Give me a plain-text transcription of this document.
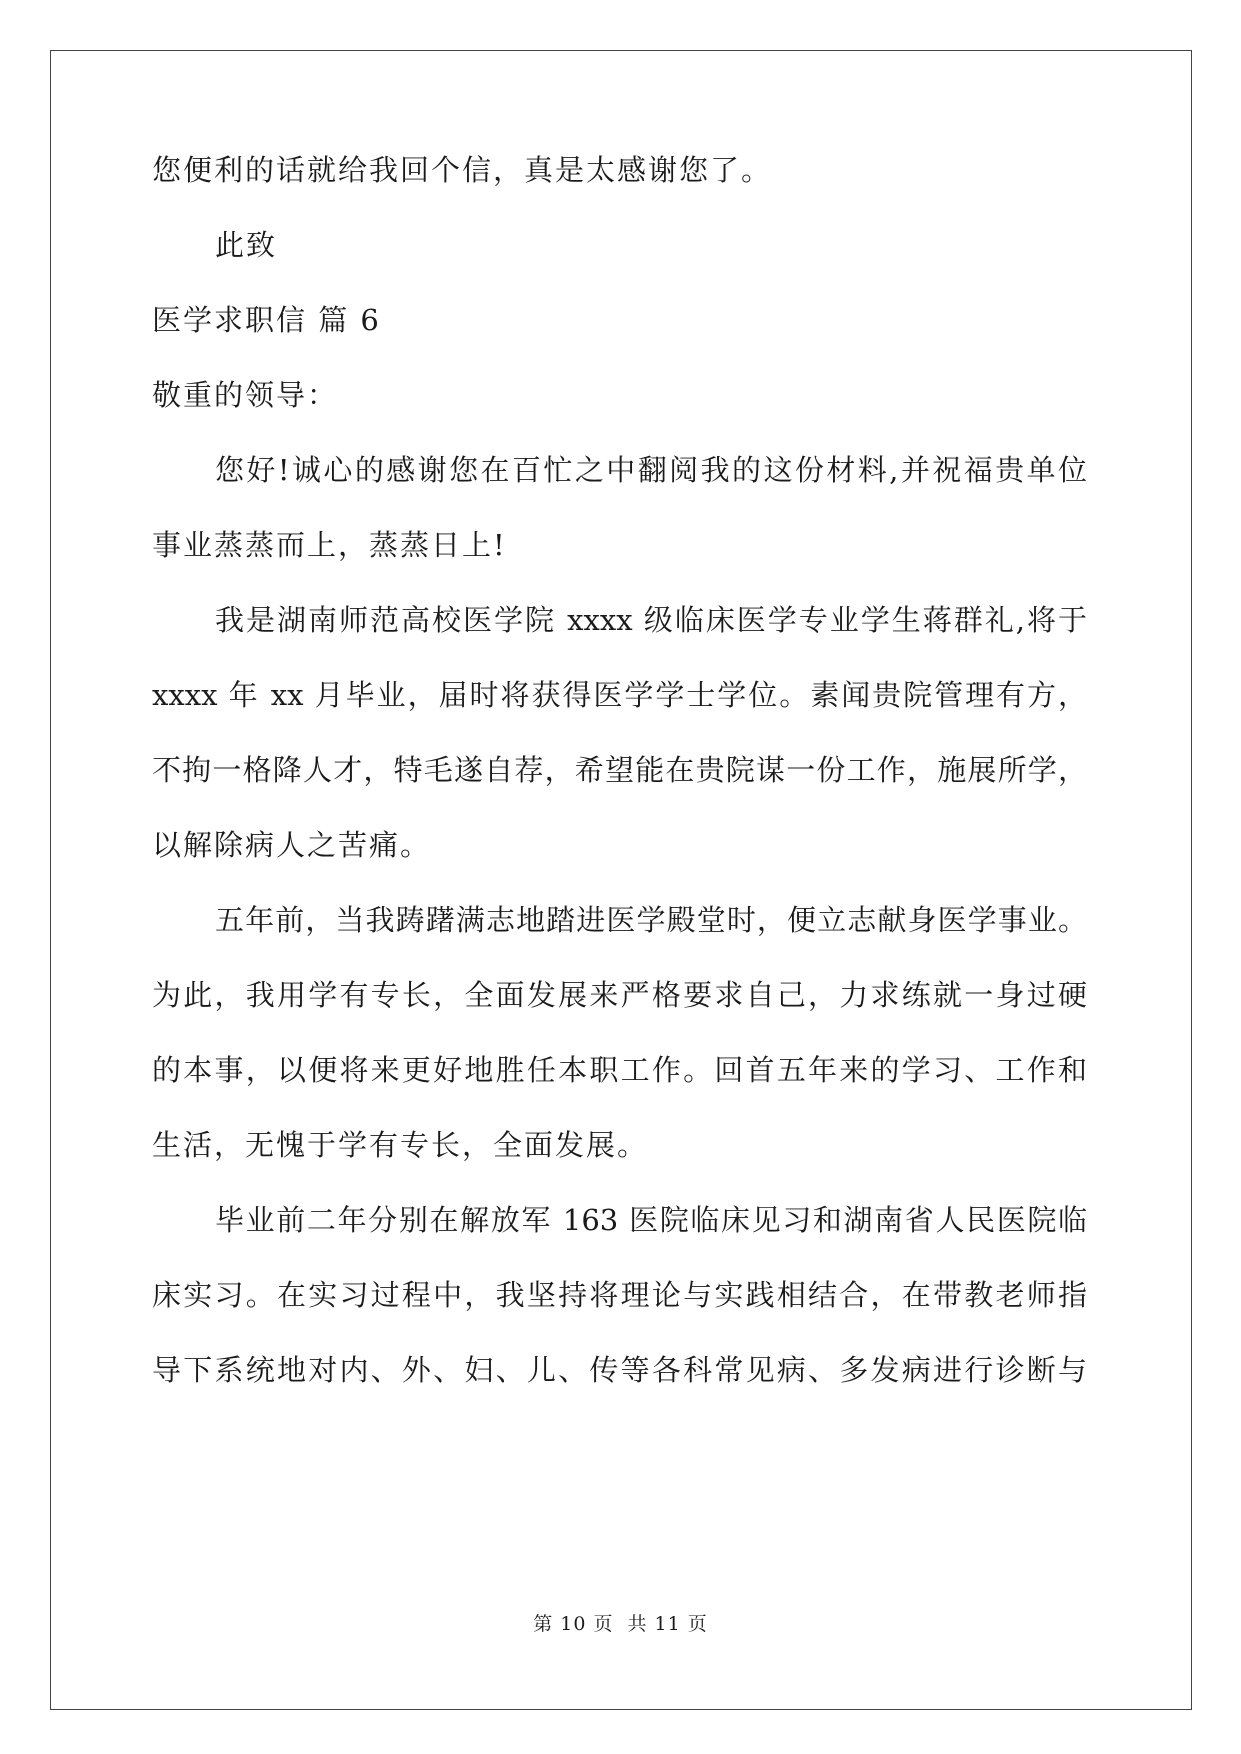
您便利的话就给我回个信，真是太感谢您了。
此致
医学求职信 篇 6
敬重的领导：
您好!诚心的感谢您在百忙之中翻阅我的这份材料,并祝福贵单位
事业蒸蒸而上，蒸蒸日上!
我是湖南师范高校医学院 xxxx 级临床医学专业学生蒋群礼,将于
xxxx 年 xx 月毕业，届时将获得医学学士学位。素闻贵院管理有方，
不拘一格降人才，特毛遂自荐，希望能在贵院谋一份工作，施展所学，
以解除病人之苦痛。
五年前，当我踌躇满志地踏进医学殿堂时，便立志献身医学事业。
为此，我用学有专长，全面发展来严格要求自己，力求练就一身过硬
的本事，以便将来更好地胜任本职工作。回首五年来的学习、工作和
生活，无愧于学有专长，全面发展。
毕业前二年分别在解放军 163 医院临床见习和湖南省人民医院临
床实习。在实习过程中，我坚持将理论与实践相结合，在带教老师指
导下系统地对内、外、妇、儿、传等各科常见病、多发病进行诊断与
第 10 页 共 11 页
